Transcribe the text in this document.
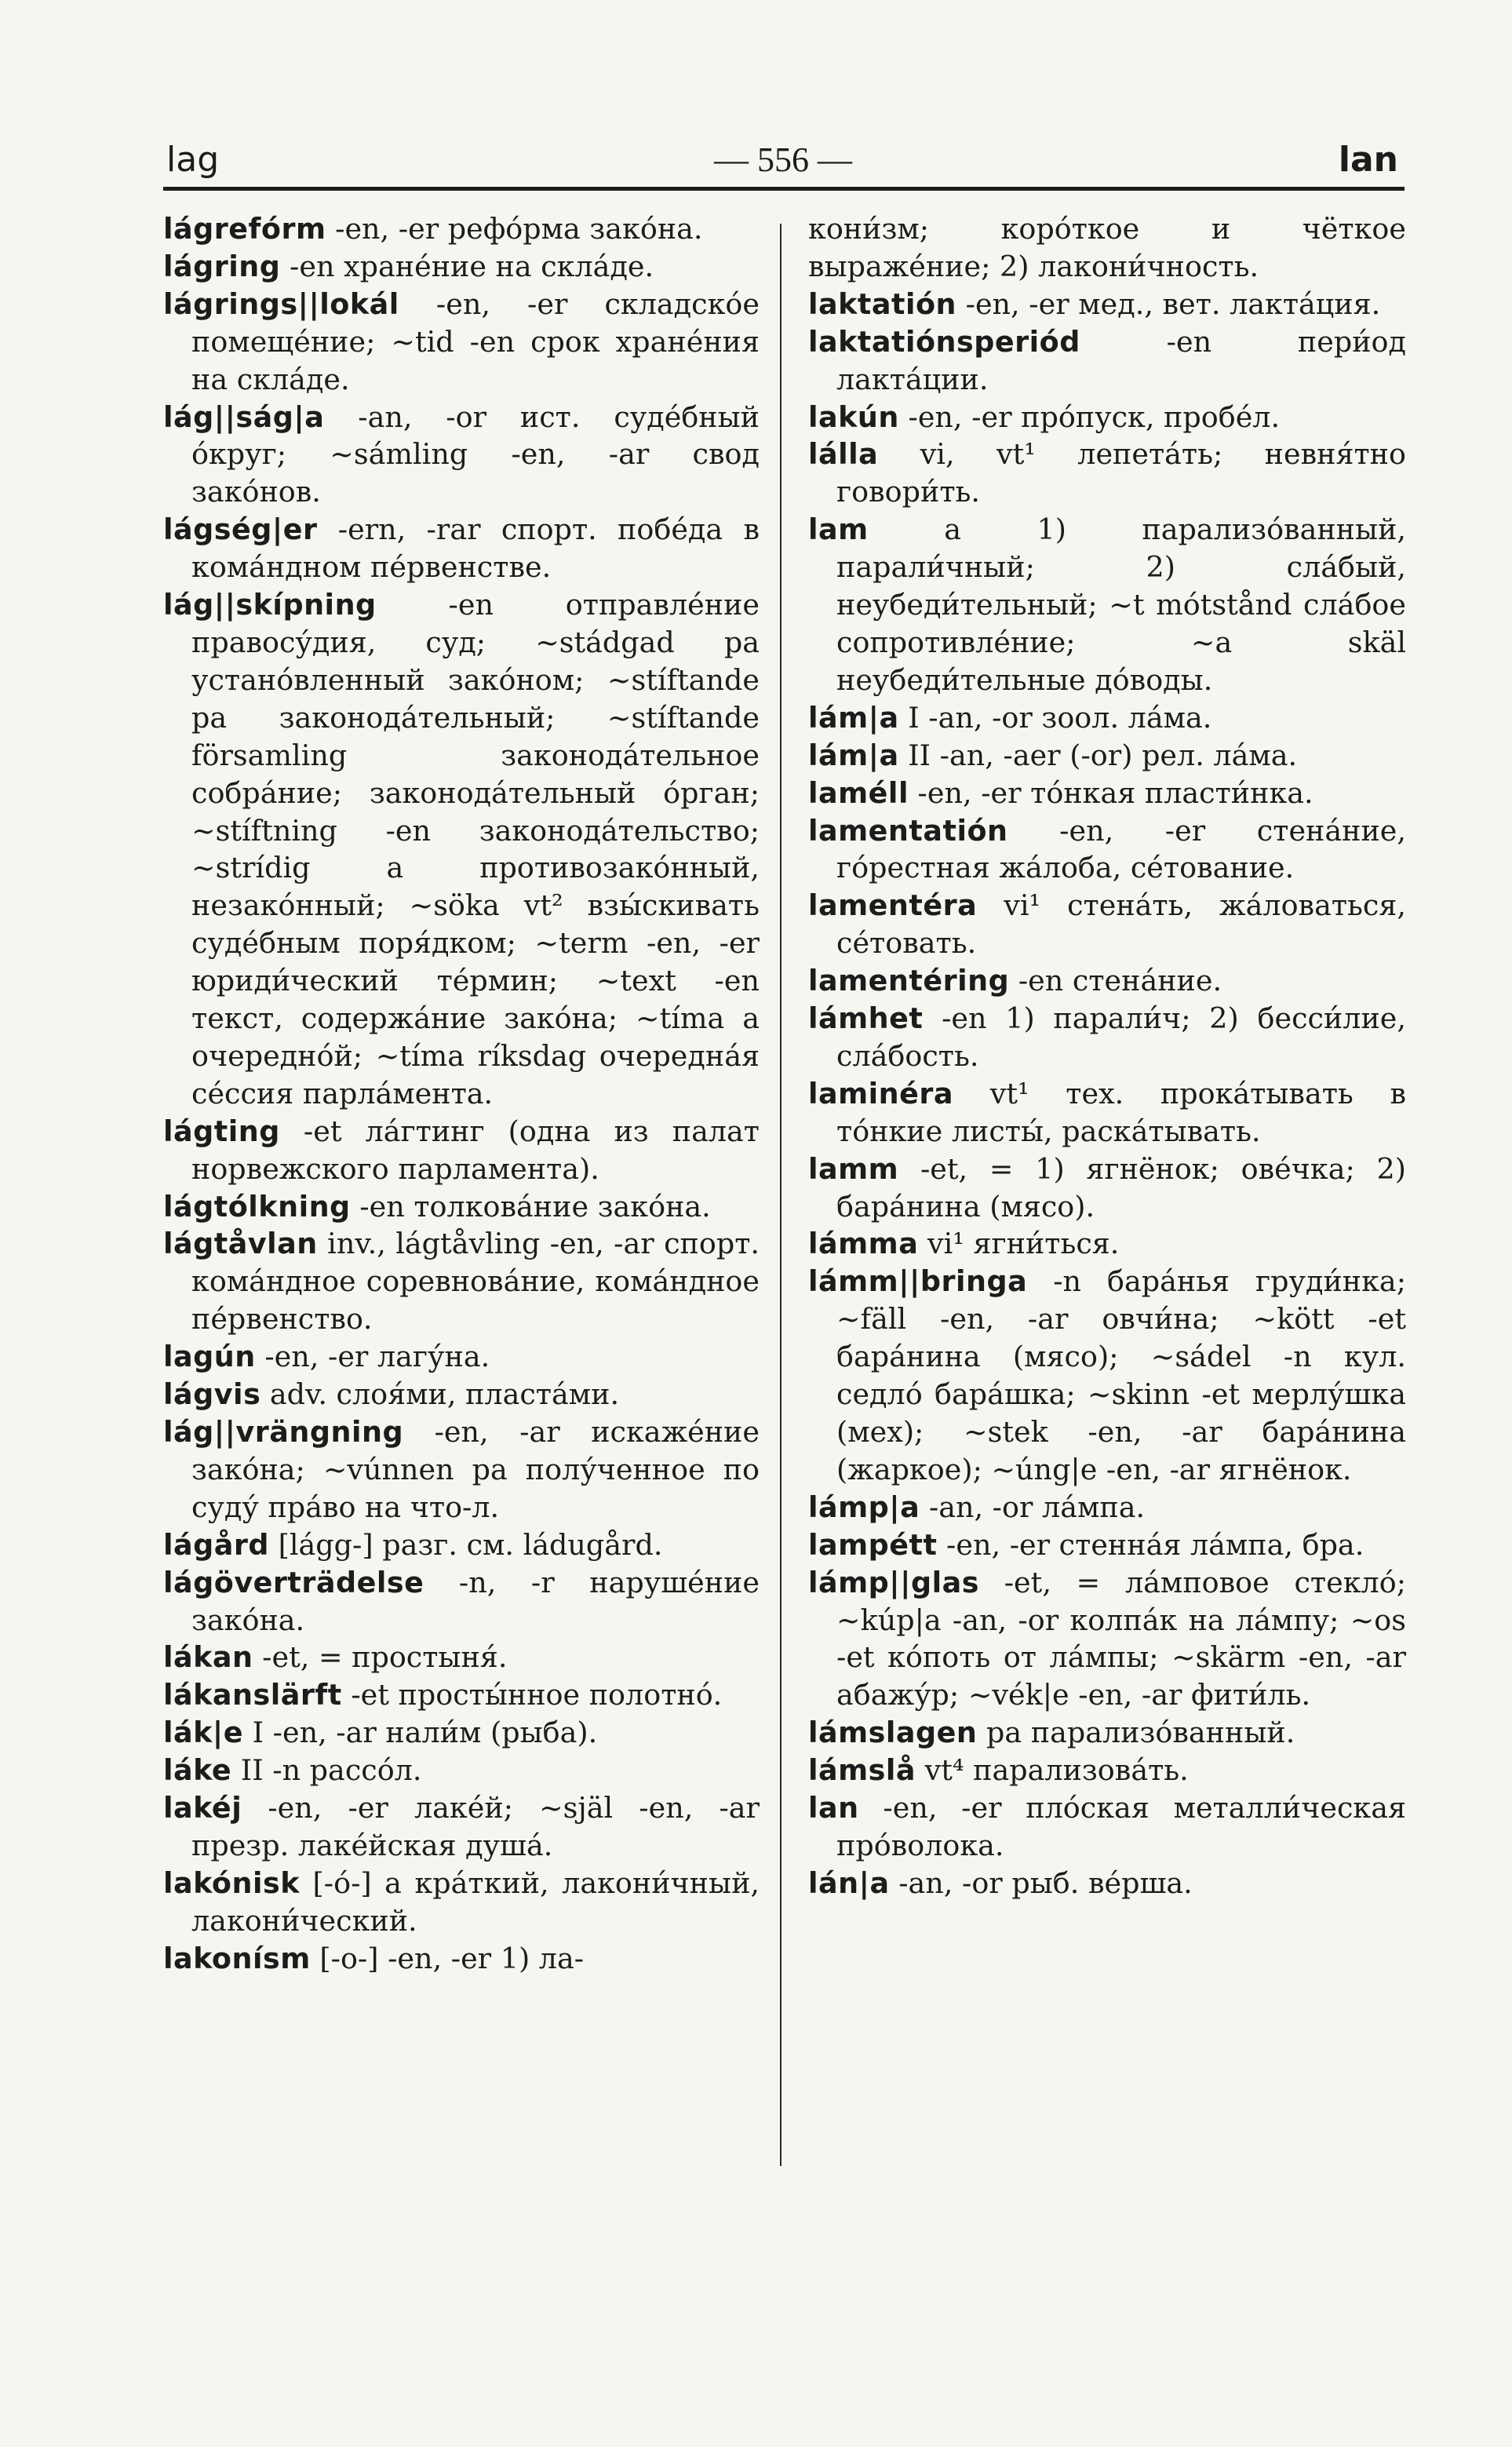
lag	— 556 —	lan

lágrefórm -en, -er рефо́рма зако́на.

lágring -en хране́ние на скла́де.

lágrings||lokál -en, -er складско́е помеще́ние; ~tid -en срок хране́ния на скла́де.

lág||ság|a -an, -or ист. суде́бный о́круг; ~sámling -en, -ar свод зако́нов.

lágség|er -ern, -rar спорт. побе́да в кома́ндном пе́рвенстве.

lág||skípning -en отправле́ние правосу́дия, суд; ~stádgad pa устано́вленный зако́ном; ~stíftande pa законода́тельный; ~stíftande församling законода́тельное собра́ние; законода́тельный о́рган; ~stíftning -en законода́тельство; ~strídig a противозако́нный, незако́нный; ~söka vt² взы́скивать суде́бным поря́дком; ~term -en, -er юриди́ческий те́рмин; ~text -en текст, содержа́ние зако́на; ~tíma a очередно́й; ~tíma ríksdag очередна́я се́ссия парла́мента.

lágting -et ла́гтинг (одна из палат норвежского парламента).

lágtólkning -en толкова́ние зако́на.

lágtåvlan inv., lágtåvling -en, -ar спорт. кома́ндное соревнова́ние, кома́ндное пе́рвенство.

lagún -en, -er лагу́на.

lágvis adv. слоя́ми, пласта́ми.

lág||vrängning -en, -ar искаже́ние зако́на; ~vúnnen pa полу́ченное по суду́ пра́во на что-л.

lágård [lágg-] разг. см. ládugård.

lágöverträdelse -n, -r наруше́ние зако́на.

lákan -et, = простыня́.

lákanslärft -et просты́нное полотно́.

lák|e I -en, -ar нали́м (рыба).

láke II -n рассо́л.

lakéj -en, -er лаке́й; ~själ -en, -ar презр. лаке́йская душа́.

lakónisk [-ó-] a кра́ткий, лакони́чный, лакони́ческий.

lakonísm [-o-] -en, -er 1) ла-

кони́зм; коро́ткое и чёткое выраже́ние; 2) лакони́чность.

laktatión -en, -er мед., вет. лакта́ция.

laktatiónsperiód -en пери́од лакта́ции.

lakún -en, -er про́пуск, пробе́л.

lálla vi, vt¹ лепета́ть; невня́тно говори́ть.

lam a 1) парализо́ванный, парали́чный; 2) сла́бый, неубеди́тельный; ~t mótstånd сла́бое сопротивле́ние; ~a skäl неубеди́тельные до́воды.

lám|a I -an, -or зоол. ла́ма.

lám|a II -an, -aer (-or) рел. ла́ма.

laméll -en, -er то́нкая пласти́нка.

lamentatión -en, -er стена́ние, го́рестная жа́лоба, се́тование.

lamentéra vi¹ стена́ть, жа́ловаться, се́товать.

lamentéring -en стена́ние.

lámhet -en 1) парали́ч; 2) бесси́лие, сла́бость.

laminéra vt¹ тех. прока́тывать в то́нкие листы́, раска́тывать.

lamm -et, = 1) ягнёнок; ове́чка; 2) бара́нина (мясо).

lámma vi¹ ягни́ться.

lámm||bringa -n бара́нья груди́нка; ~fäll -en, -ar овчи́на; ~kött -et бара́нина (мясо); ~sádel -n кул. седло́ бара́шка; ~skinn -et мерлу́шка (мех); ~stek -en, -ar бара́нина (жаркое); ~úng|e -en, -ar ягнёнок.

lámp|a -an, -or ла́мпа.

lampétt -en, -er стенна́я ла́мпа, бра.

lámp||glas -et, = ла́мповое стекло́; ~kúp|a -an, -or колпа́к на ла́мпу; ~os -et ко́поть от ла́мпы; ~skärm -en, -ar абажу́р; ~vék|e -en, -ar фити́ль.

lámslagen pa парализо́ванный.

lámslå vt⁴ парализова́ть.

lan -en, -er пло́ская металли́ческая про́волока.

lán|a -an, -or рыб. ве́рша.
